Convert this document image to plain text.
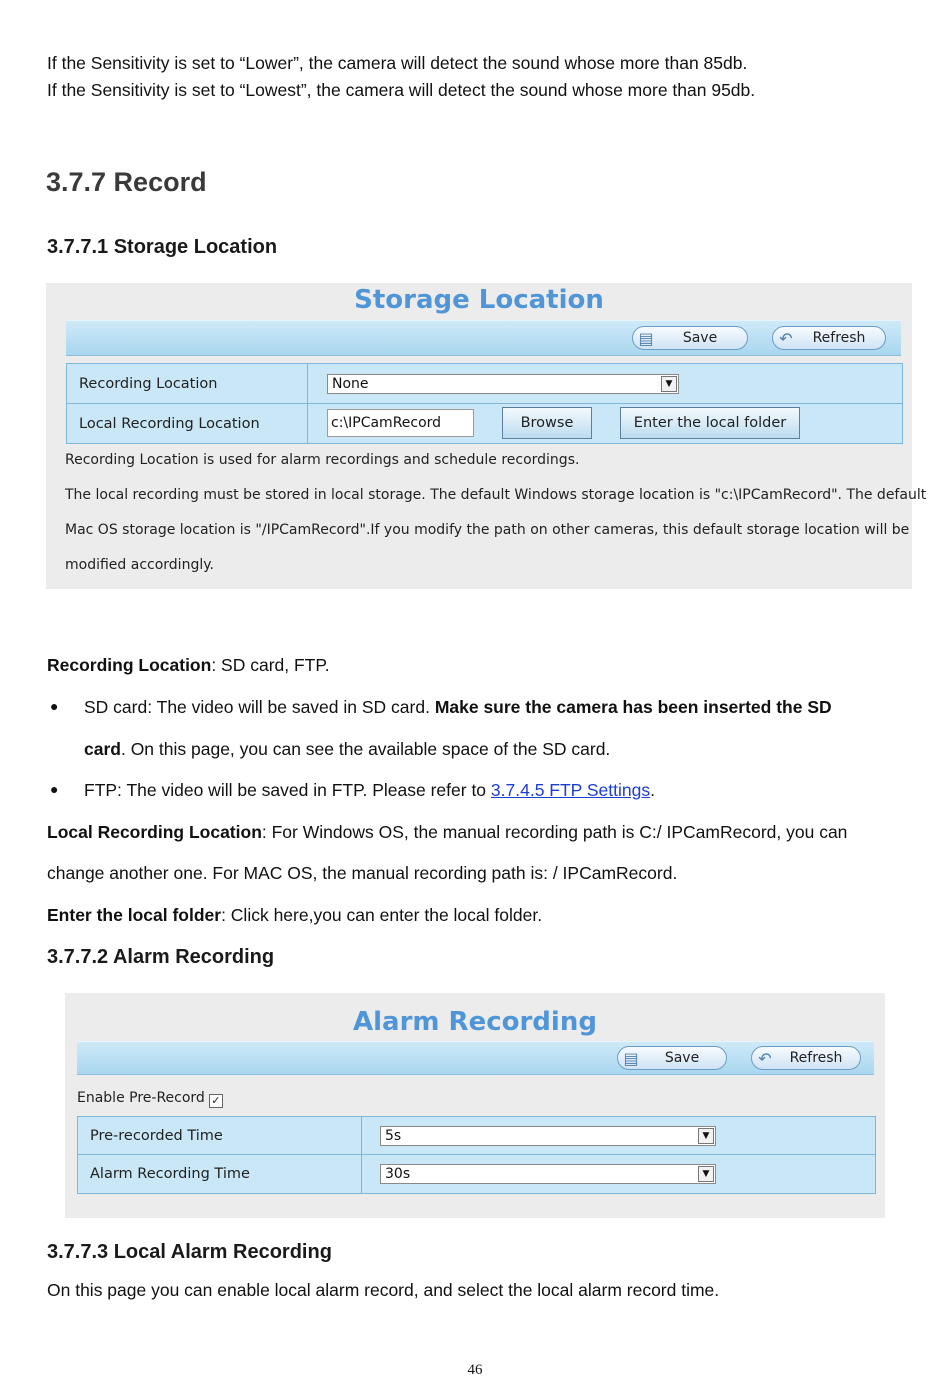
If the Sensitivity is set to “Lower”, the camera will detect the sound whose more than 85db.
If the Sensitivity is set to “Lowest”, the camera will detect the sound whose more than 95db.
3.7.7 Record
3.7.7.1 Storage Location
Storage Location
▤	Save	↶	Refresh
Recording Location	None	▼
Local Recording Location	c:\IPCamRecord	Browse	Enter the local folder
Recording Location is used for alarm recordings and schedule recordings.
The local recording must be stored in local storage. The default Windows storage location is "c:\IPCamRecord". The default
Mac OS storage location is "/IPCamRecord".If you modify the path on other cameras, this default storage location will be
modified accordingly.
Recording Location: SD card, FTP.
● SD card: The video will be saved in SD card. Make sure the camera has been inserted the SD
card. On this page, you can see the available space of the SD card.
● FTP: The video will be saved in FTP. Please refer to 3.7.4.5 FTP Settings.
Local Recording Location: For Windows OS, the manual recording path is C:/ IPCamRecord, you can
change another one. For MAC OS, the manual recording path is: / IPCamRecord.
Enter the local folder: Click here,you can enter the local folder.
3.7.7.2 Alarm Recording
Alarm Recording
▤	Save	↶	Refresh
Enable Pre-Record ✓
Pre-recorded Time	5s	▼
Alarm Recording Time	30s	▼
3.7.7.3 Local Alarm Recording
On this page you can enable local alarm record, and select the local alarm record time.
46
